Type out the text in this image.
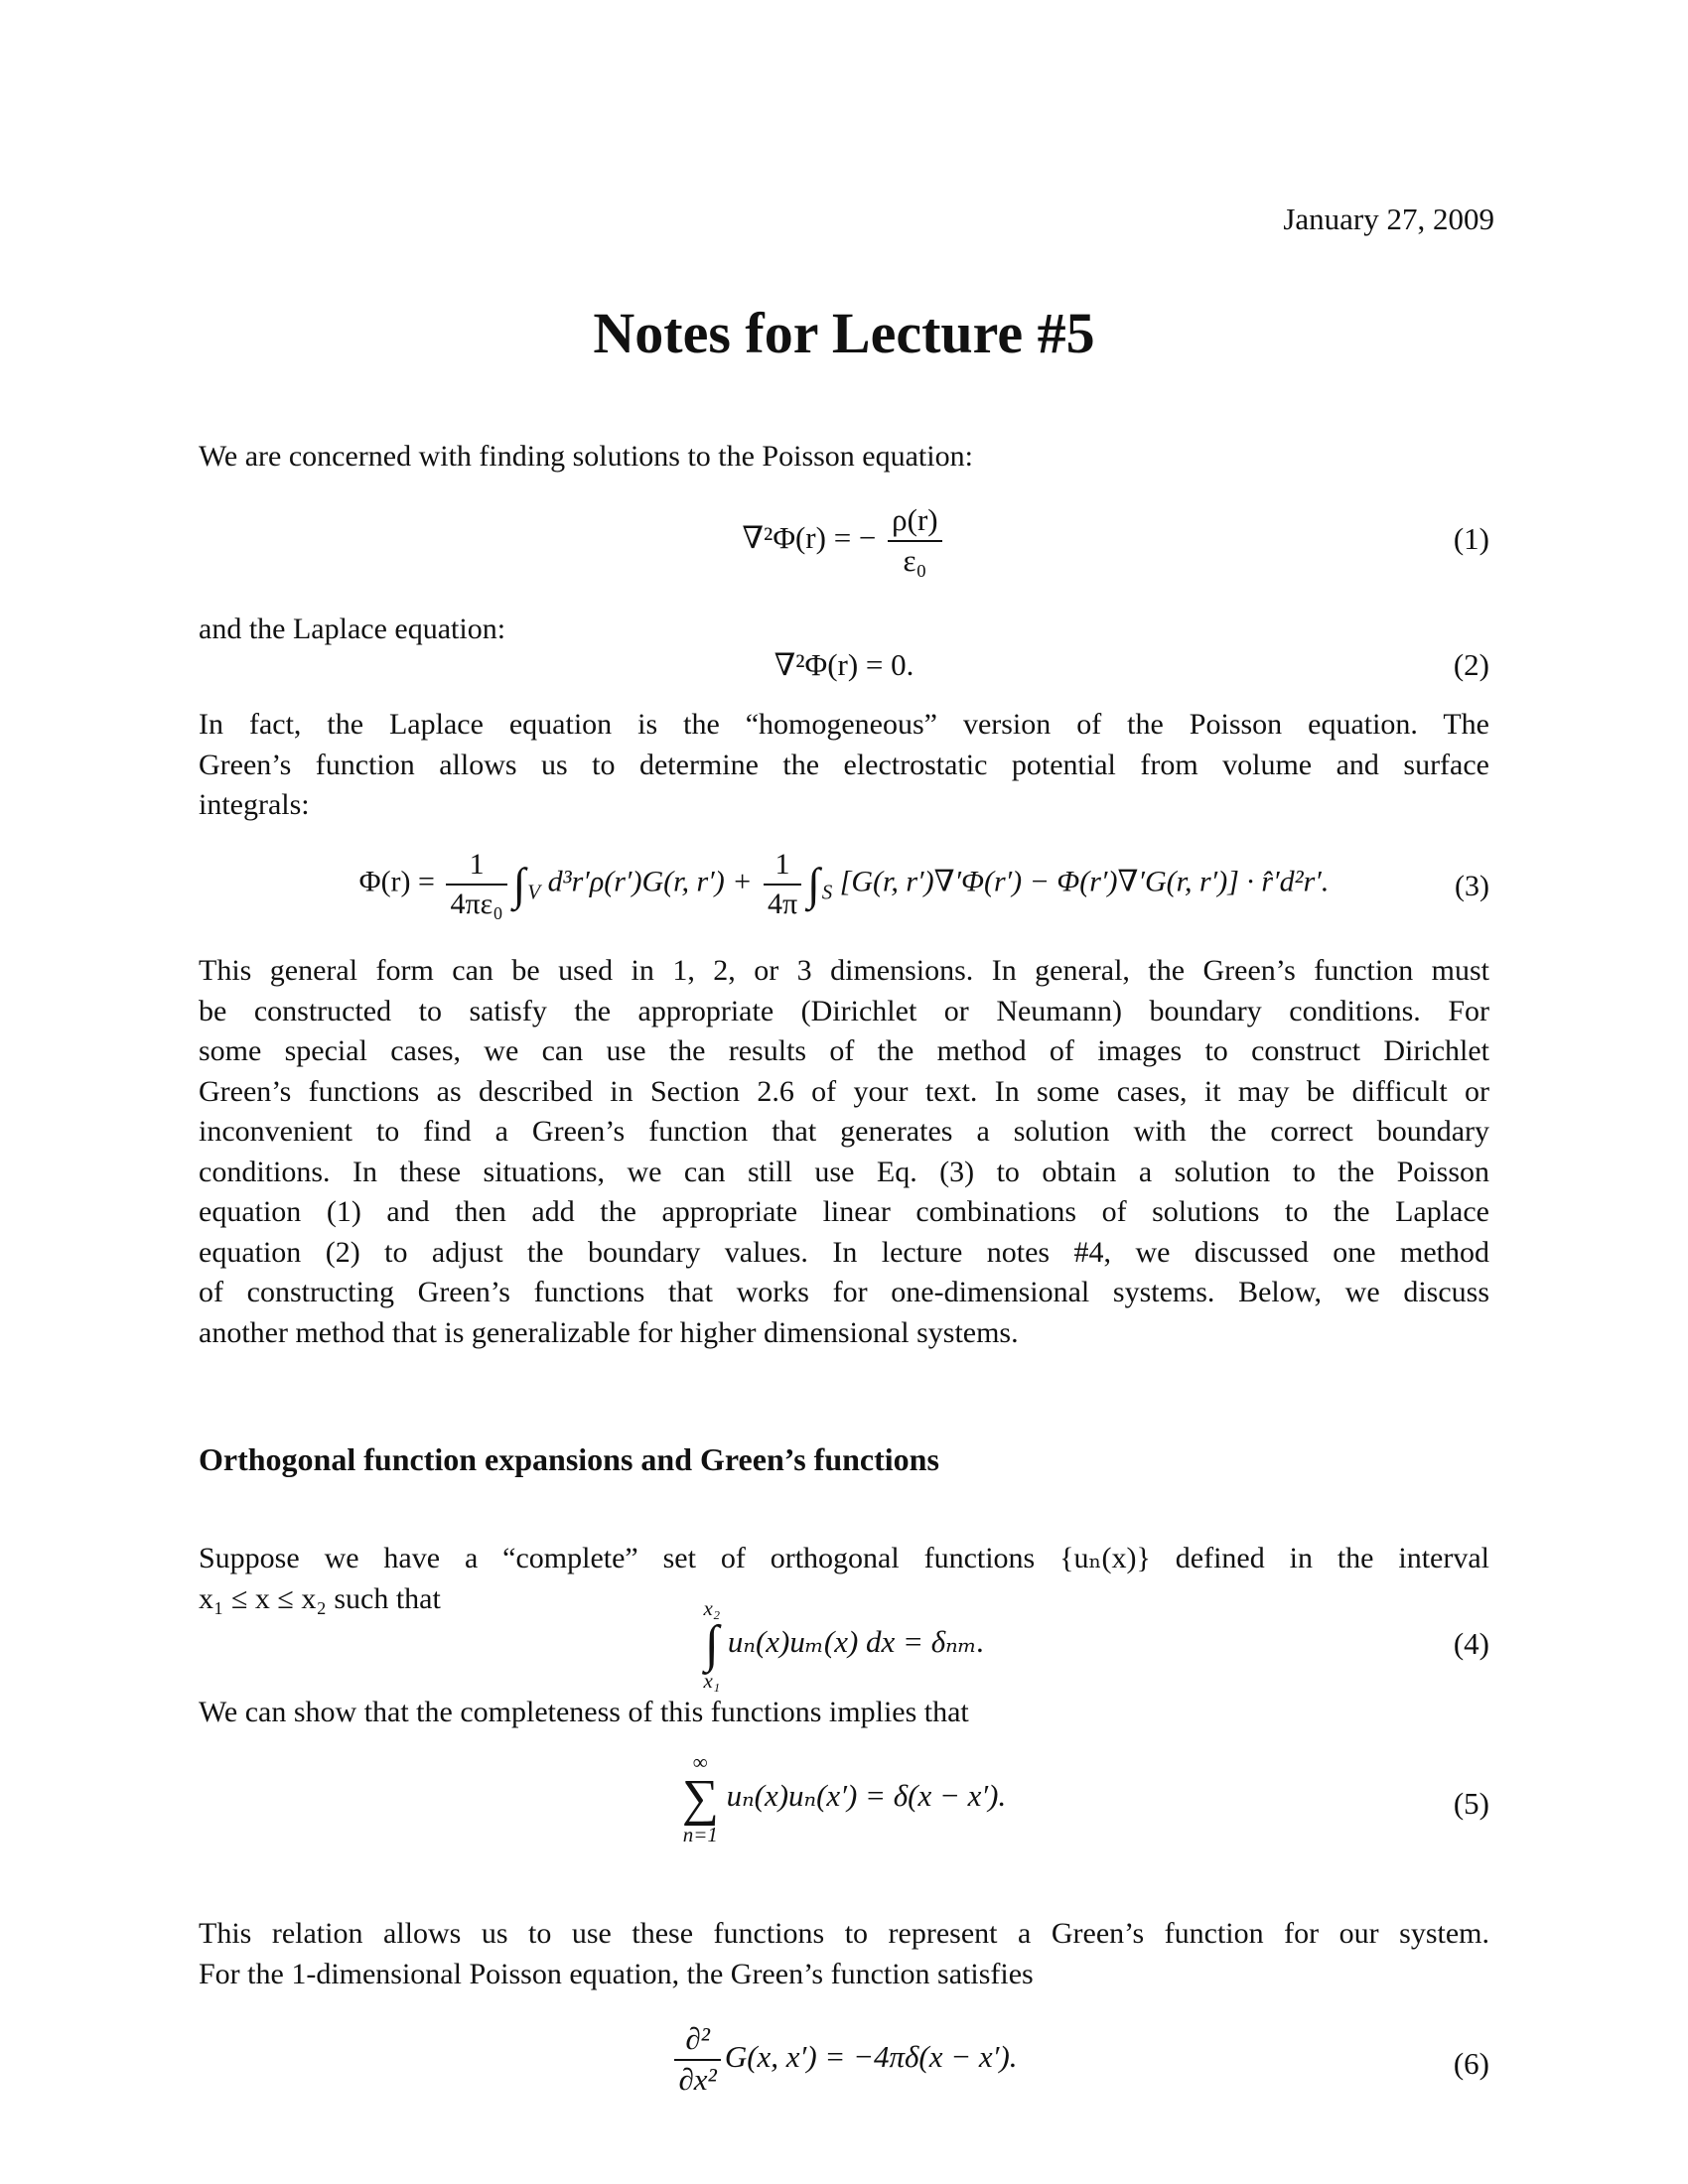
January 27, 2009
Notes for Lecture #5
We are concerned with finding solutions to the Poisson equation:
∇²Φ(r) = − $\frac{\rho(r)}{\text{ε₀}}$	(1)
and the Laplace equation:
∇²Φ(r) = 0.	(2)
In fact, the Laplace equation is the “homogeneous” version of the Poisson equation. The
Green’s function allows us to determine the electrostatic potential from volume and surface
integrals:
$\Phi(r) = \frac{1}{\text{4πε₀}} \int_V$ d³r′ρ(r′)G(r, $r') + \frac{1}{4\pi} \int_S$ [G(r, r′)∇′Φ(r′) − Φ(r′)∇′G(r, r′)] · r̂′d²r′.	(3)
This general form can be used in 1, 2, or 3 dimensions. In general, the Green’s function must
be constructed to satisfy the appropriate (Dirichlet or Neumann) boundary conditions. For
some special cases, we can use the results of the method of images to construct Dirichlet
Green’s functions as described in Section 2.6 of your text. In some cases, it may be difficult or
inconvenient to find a Green’s function that generates a solution with the correct boundary
conditions. In these situations, we can still use Eq. (3) to obtain a solution to the Poisson
equation (1) and then add the appropriate linear combinations of solutions to the Laplace
equation (2) to adjust the boundary values. In lecture notes #4, we discussed one method
of constructing Green’s functions that works for one-dimensional systems. Below, we discuss
another method that is generalizable for higher dimensional systems.
Orthogonal function expansions and Green’s functions
Suppose we have a “complete” set of orthogonal functions {uₙ(x)} defined in the interval
x₁ ≤ x ≤ x₂ such that	x₂
∫
x₁
uₙ(x)uₘ(x) dx = δₙₘ.	(4)
We can show that the completeness of this functions implies that
∞
∑
n=1
uₙ(x)uₙ(x′) = δ(x − x′).	(5)
This relation allows us to use these functions to represent a Green’s function for our system.
For the 1-dimensional Poisson equation, the Green’s function satisfies
$\frac{\text{∂²}}{\text{∂x²}} G(x$, x′) = −4πδ(x − x′).	(6)
